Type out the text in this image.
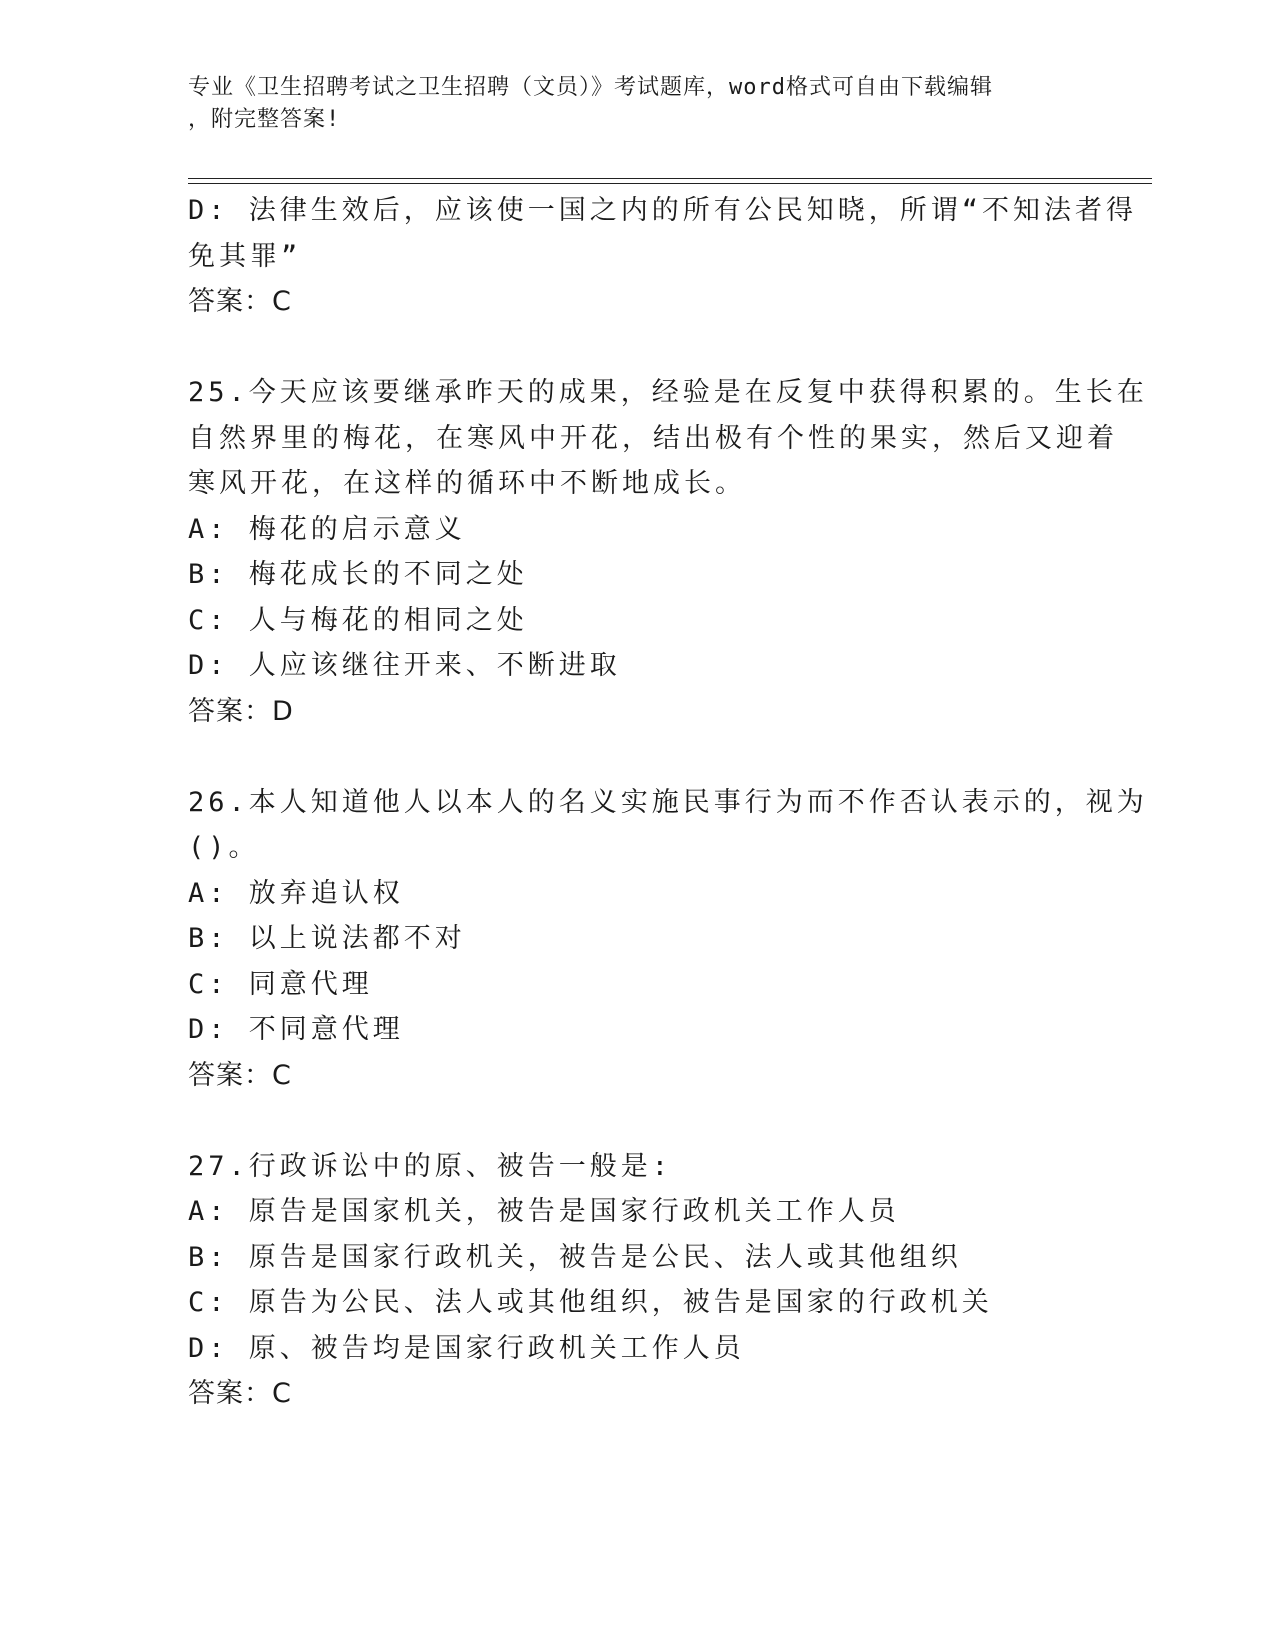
专业《卫生招聘考试之卫生招聘（文员）》考试题库，word格式可自由下载编辑
，附完整答案!

D: 法律生效后，应该使一国之内的所有公民知晓，所谓“不知法者得

免其罪”

答案：C

25.今天应该要继承昨天的成果，经验是在反复中获得积累的。生长在

自然界里的梅花，在寒风中开花，结出极有个性的果实，然后又迎着

寒风开花，在这样的循环中不断地成长。

A: 梅花的启示意义

B: 梅花成长的不同之处

C: 人与梅花的相同之处

D: 人应该继往开来、不断进取

答案：D

26.本人知道他人以本人的名义实施民事行为而不作否认表示的，视为

()。

A: 放弃追认权

B: 以上说法都不对

C: 同意代理

D: 不同意代理

答案：C

27.行政诉讼中的原、被告一般是:

A: 原告是国家机关，被告是国家行政机关工作人员

B: 原告是国家行政机关，被告是公民、法人或其他组织

C: 原告为公民、法人或其他组织，被告是国家的行政机关

D: 原、被告均是国家行政机关工作人员

答案：C
